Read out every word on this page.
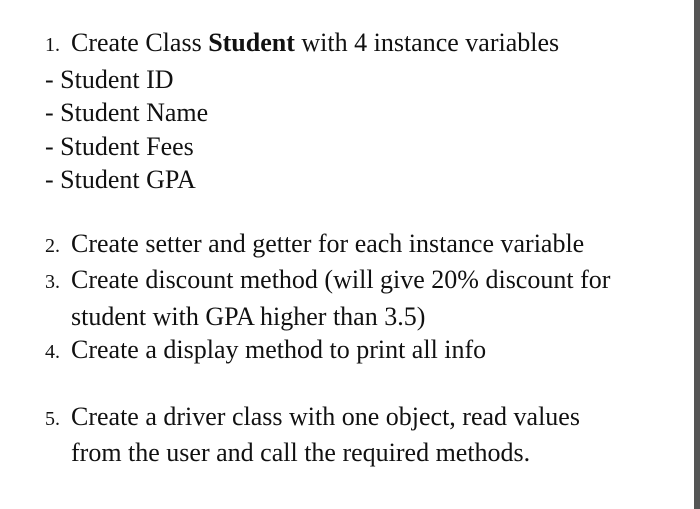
1. Create Class Student with 4 instance variables
- Student ID
- Student Name
- Student Fees
- Student GPA
2. Create setter and getter for each instance variable
3. Create discount method (will give 20% discount for
student with GPA higher than 3.5)
4. Create a display method to print all info
5. Create a driver class with one object, read values
from the user and call the required methods.
